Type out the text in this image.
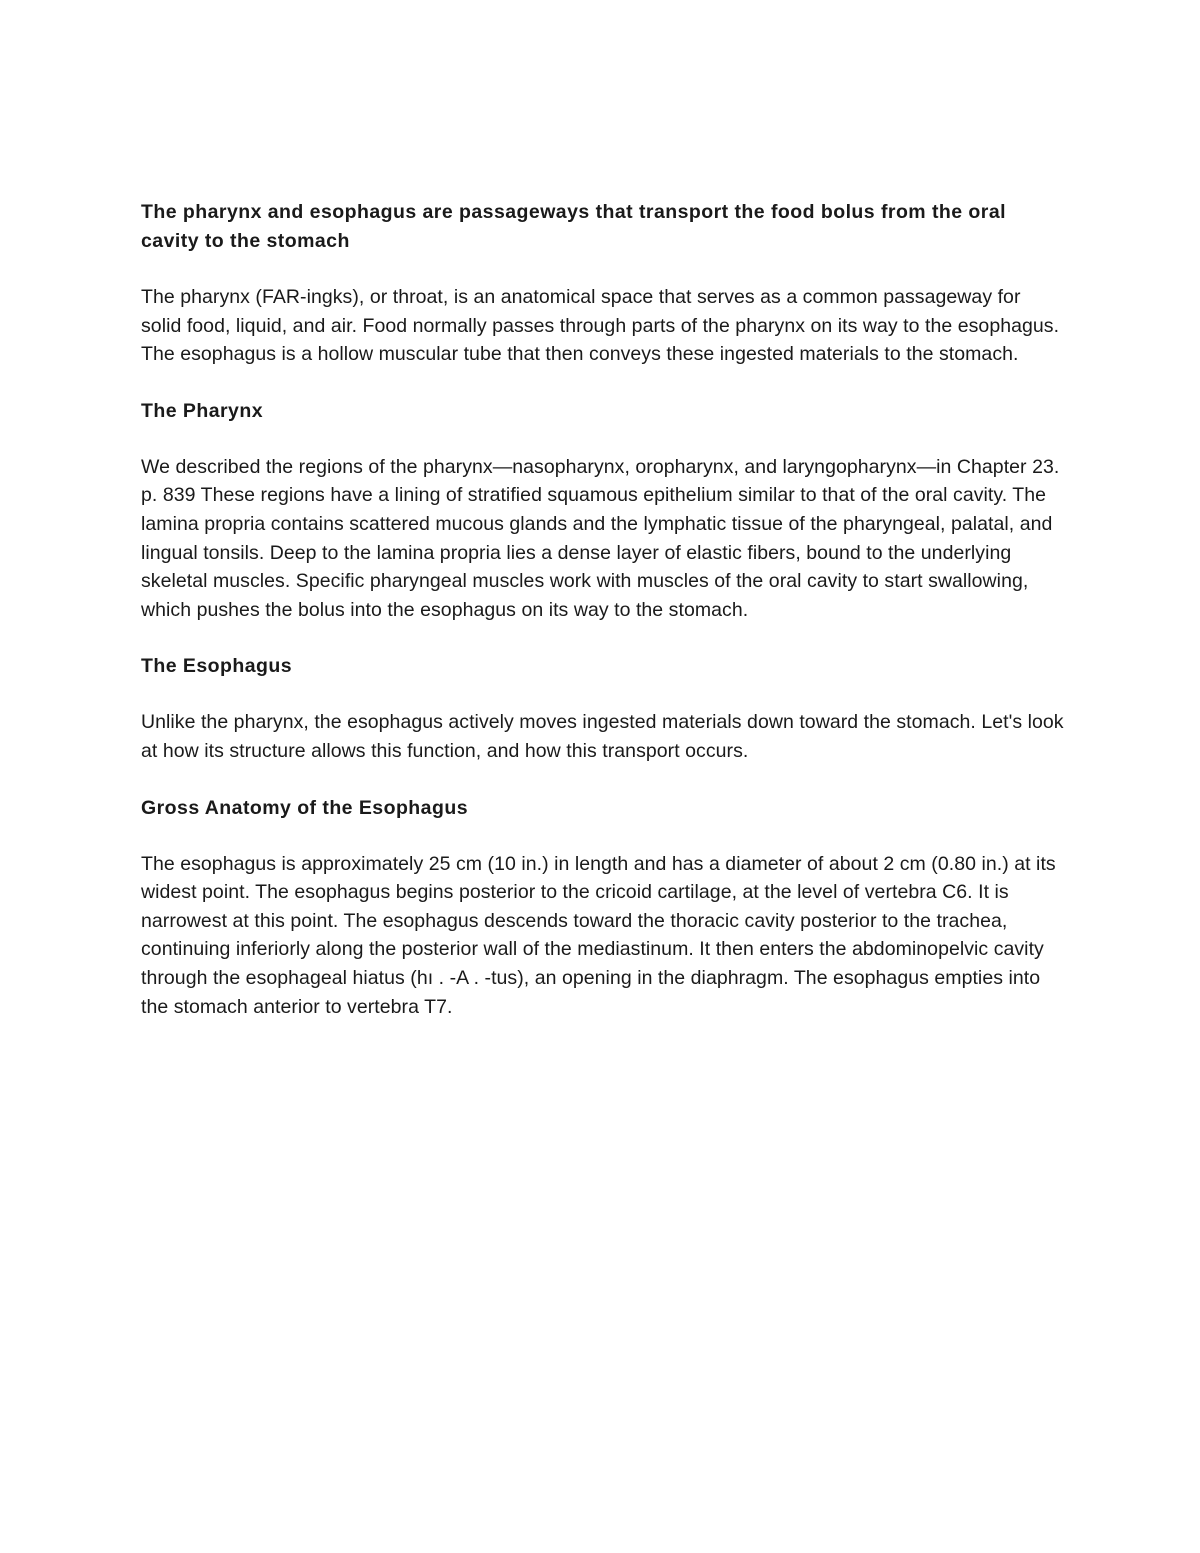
The pharynx and esophagus are passageways that transport the food bolus from the oral cavity to the stomach
The pharynx (FAR-ingks), or throat, is an anatomical space that serves as a common passageway for solid food, liquid, and air. Food normally passes through parts of the pharynx on its way to the esophagus. The esophagus is a hollow muscular tube that then conveys these ingested materials to the stomach.
The Pharynx
We described the regions of the pharynx—nasopharynx, oropharynx, and laryngopharynx—in Chapter 23. p. 839 These regions have a lining of stratified squamous epithelium similar to that of the oral cavity. The lamina propria contains scattered mucous glands and the lymphatic tissue of the pharyngeal, palatal, and lingual tonsils. Deep to the lamina propria lies a dense layer of elastic fibers, bound to the underlying skeletal muscles. Specific pharyngeal muscles work with muscles of the oral cavity to start swallowing, which pushes the bolus into the esophagus on its way to the stomach.
The Esophagus
Unlike the pharynx, the esophagus actively moves ingested materials down toward the stomach. Let's look at how its structure allows this function, and how this transport occurs.
Gross Anatomy of the Esophagus
The esophagus is approximately 25 cm (10 in.) in length and has a diameter of about 2 cm (0.80 in.) at its widest point. The esophagus begins posterior to the cricoid cartilage, at the level of vertebra C6. It is narrowest at this point. The esophagus descends toward the thoracic cavity posterior to the trachea, continuing inferiorly along the posterior wall of the mediastinum. It then enters the abdominopelvic cavity through the esophageal hiatus (hı . -A . -tus), an opening in the diaphragm. The esophagus empties into the stomach anterior to vertebra T7.
